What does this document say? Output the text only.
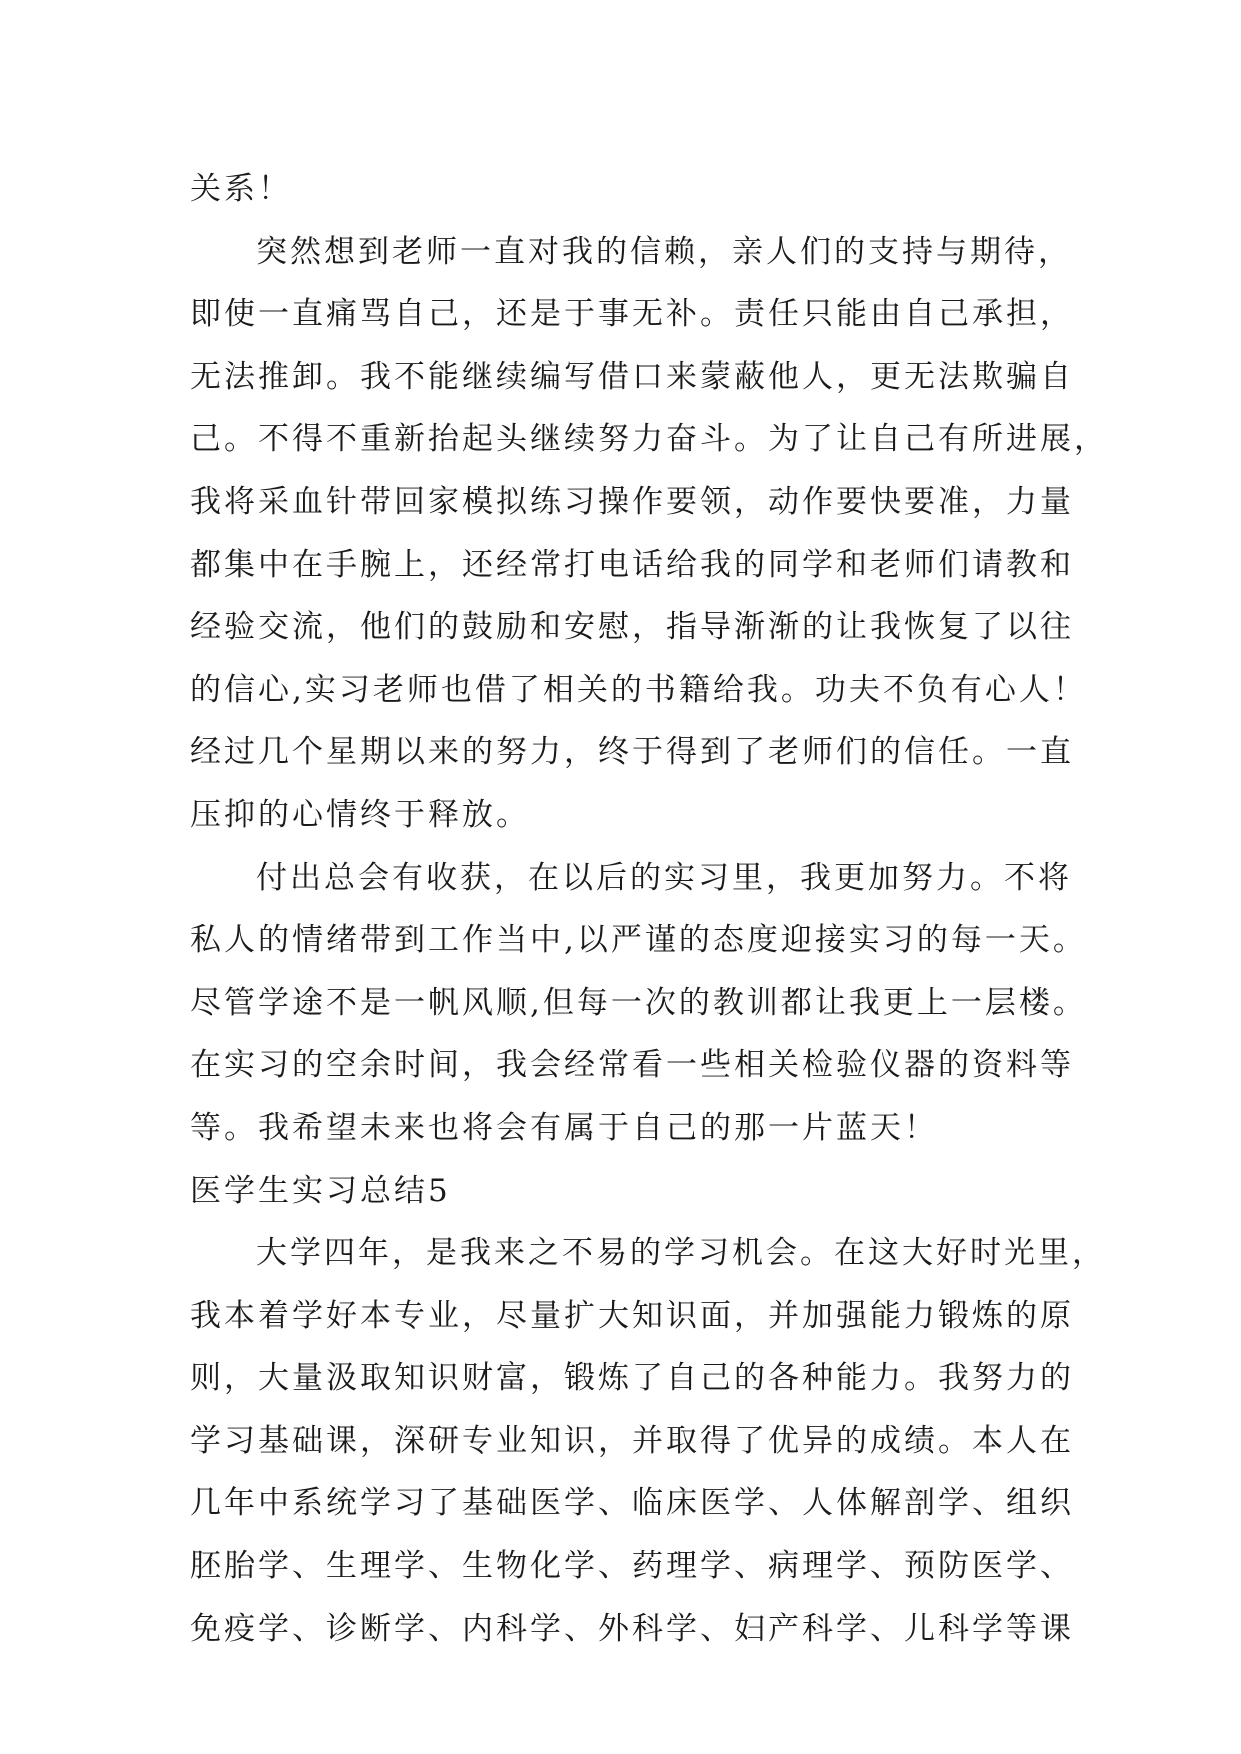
关系！
突然想到老师一直对我的信赖，亲人们的支持与期待，
即使一直痛骂自己，还是于事无补。责任只能由自己承担，
无法推卸。我不能继续编写借口来蒙蔽他人，更无法欺骗自
己。不得不重新抬起头继续努力奋斗。为了让自己有所进展，
我将采血针带回家模拟练习操作要领，动作要快要准，力量
都集中在手腕上，还经常打电话给我的同学和老师们请教和
经验交流，他们的鼓励和安慰，指导渐渐的让我恢复了以往
的信心,实习老师也借了相关的书籍给我。功夫不负有心人！
经过几个星期以来的努力，终于得到了老师们的信任。一直
压抑的心情终于释放。
付出总会有收获，在以后的实习里，我更加努力。不将
私人的情绪带到工作当中,以严谨的态度迎接实习的每一天。
尽管学途不是一帆风顺,但每一次的教训都让我更上一层楼。
在实习的空余时间，我会经常看一些相关检验仪器的资料等
等。我希望未来也将会有属于自己的那一片蓝天！
医学生实习总结5
大学四年，是我来之不易的学习机会。在这大好时光里，
我本着学好本专业，尽量扩大知识面，并加强能力锻炼的原
则，大量汲取知识财富，锻炼了自己的各种能力。我努力的
学习基础课，深研专业知识，并取得了优异的成绩。本人在
几年中系统学习了基础医学、临床医学、人体解剖学、组织
胚胎学、生理学、生物化学、药理学、病理学、预防医学、
免疫学、诊断学、内科学、外科学、妇产科学、儿科学等课
